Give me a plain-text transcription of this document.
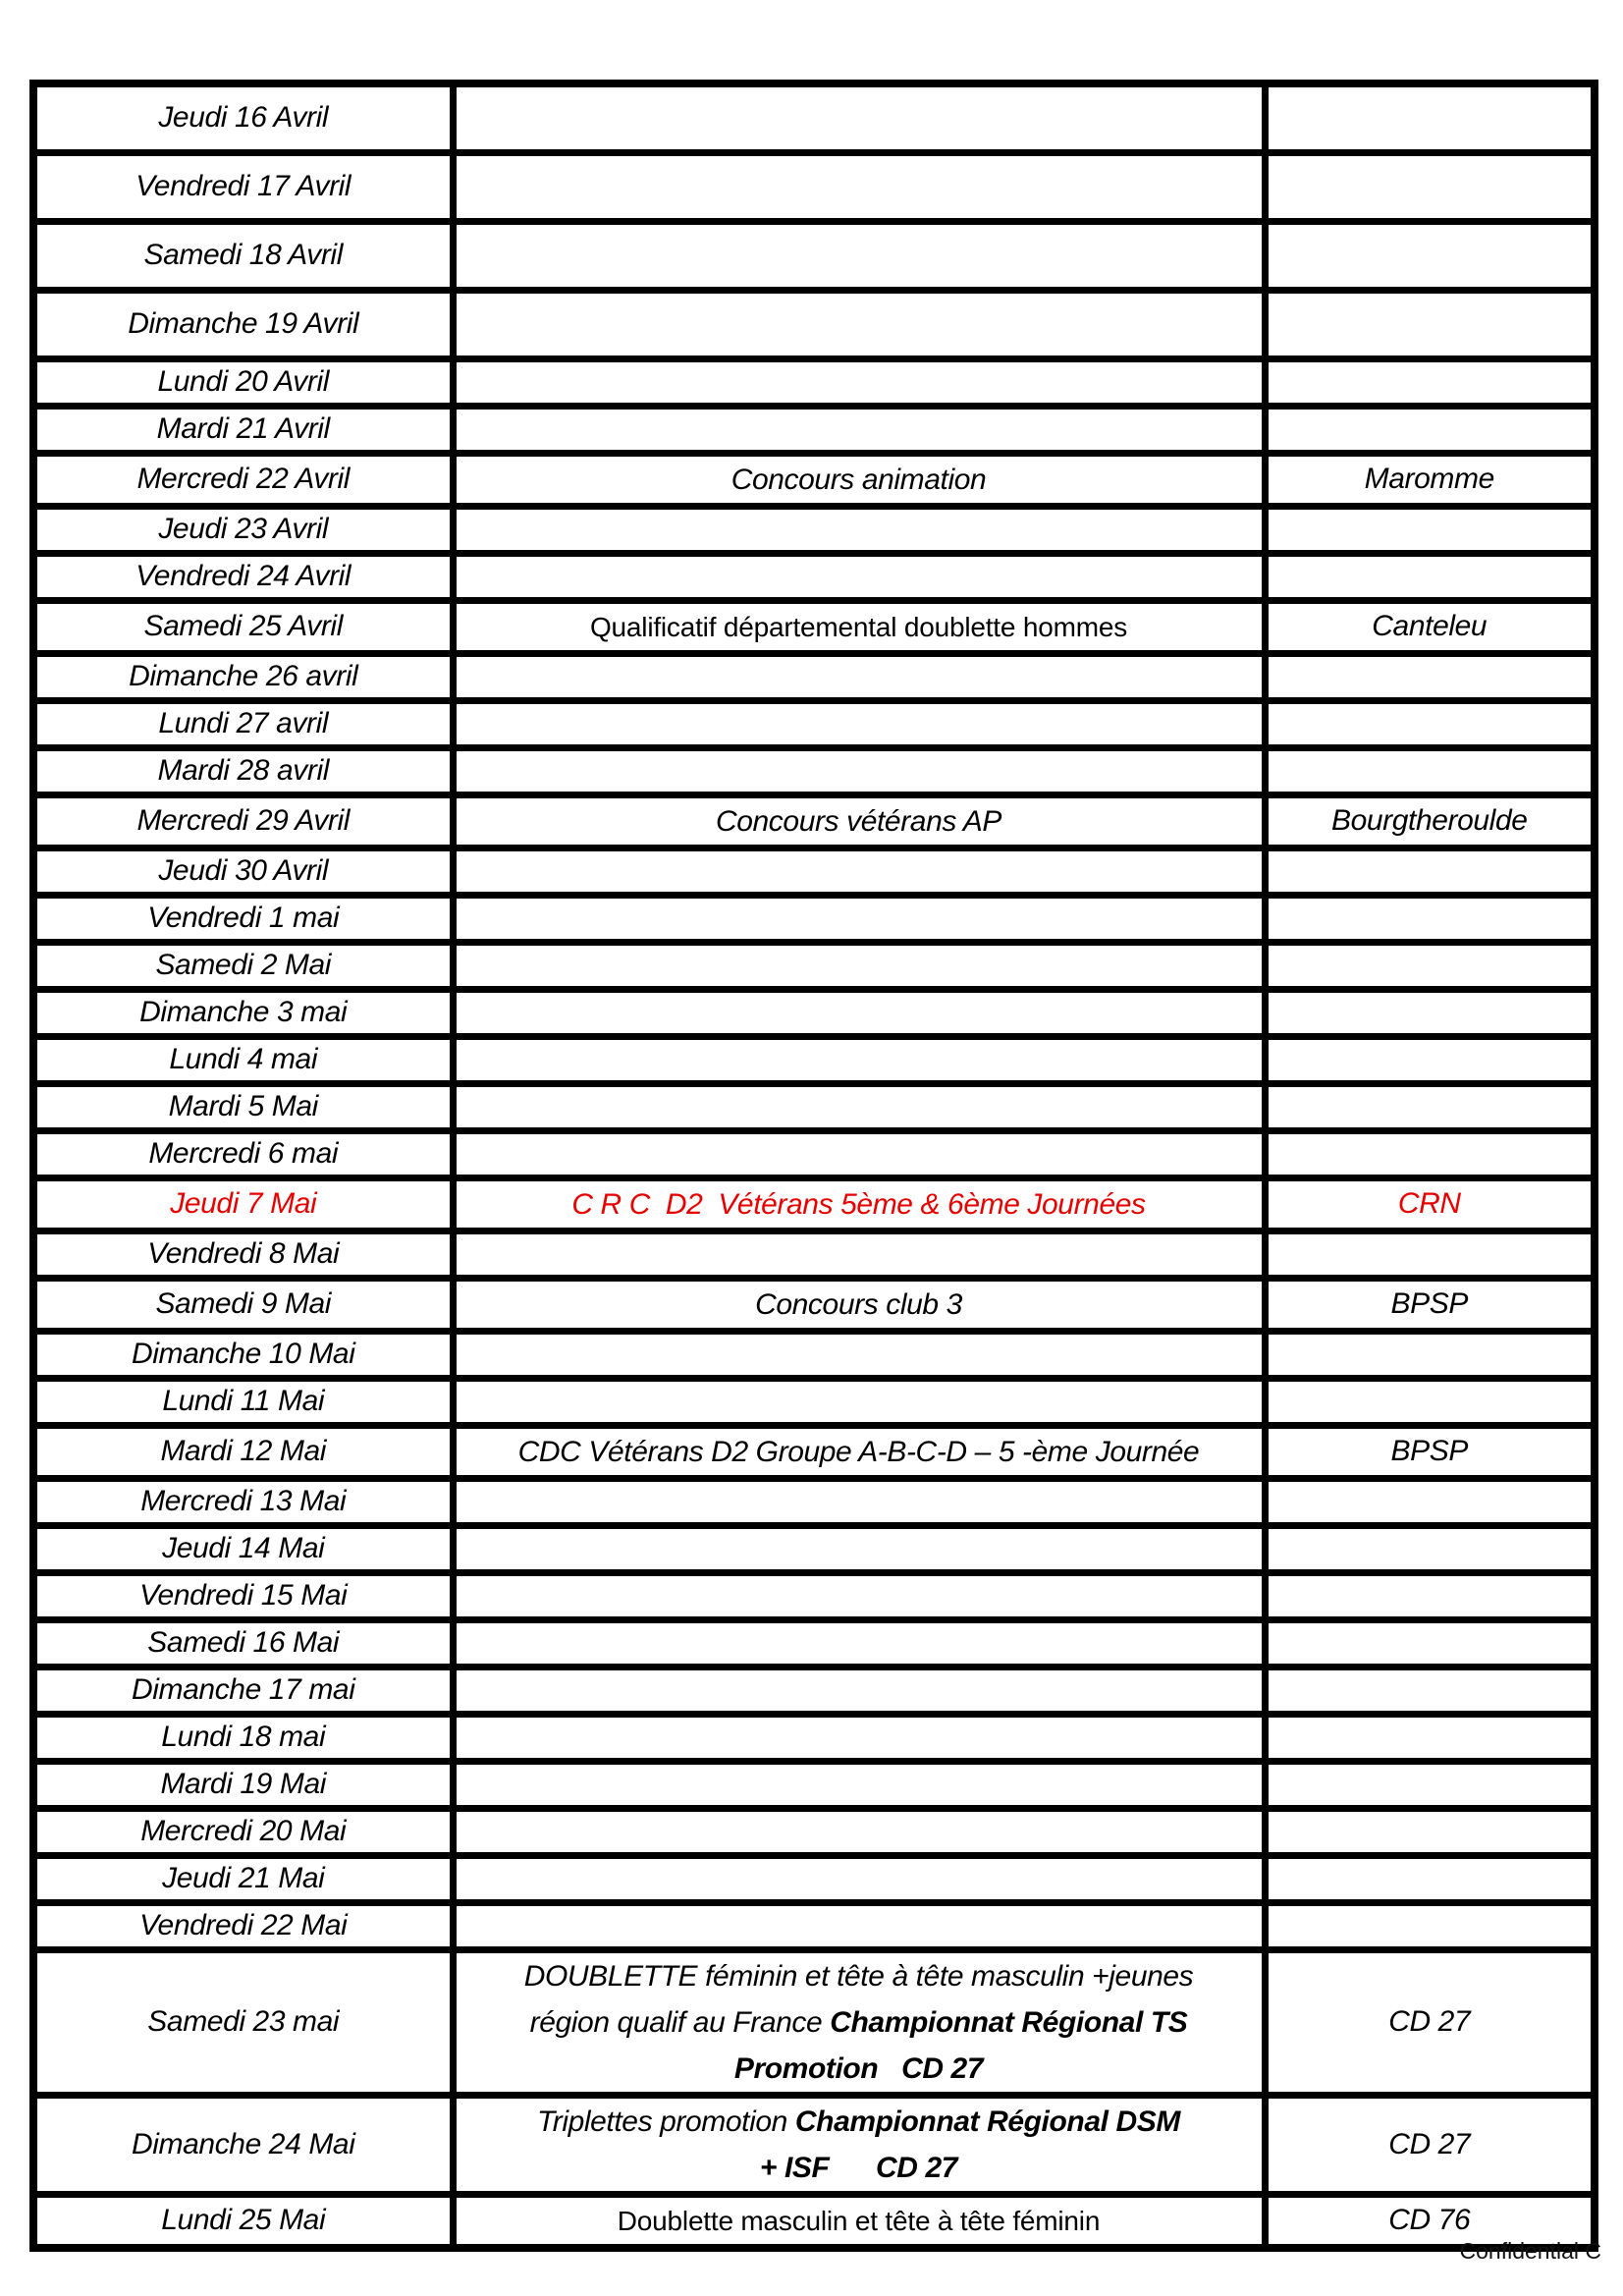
Jeudi 16 Avril		
Vendredi 17 Avril		
Samedi 18 Avril		
Dimanche 19 Avril		
Lundi 20 Avril		
Mardi 21 Avril		
Mercredi 22 Avril	Concours animation	Maromme
Jeudi 23 Avril		
Vendredi 24 Avril		
Samedi 25 Avril	Qualificatif départemental doublette hommes	Canteleu
Dimanche 26 avril		
Lundi 27 avril		
Mardi 28 avril		
Mercredi 29 Avril	Concours vétérans AP	Bourgtheroulde
Jeudi 30 Avril		
Vendredi 1 mai		
Samedi 2 Mai		
Dimanche 3 mai		
Lundi 4 mai		
Mardi 5 Mai		
Mercredi 6 mai		
Jeudi 7 Mai	C R C  D2  Vétérans 5ème & 6ème Journées	CRN
Vendredi 8 Mai		
Samedi 9 Mai	Concours club 3	BPSP
Dimanche 10 Mai		
Lundi 11 Mai		
Mardi 12 Mai	CDC Vétérans D2 Groupe A-B-C-D – 5 -ème Journée	BPSP
Mercredi 13 Mai		
Jeudi 14 Mai		
Vendredi 15 Mai		
Samedi 16 Mai		
Dimanche 17 mai		
Lundi 18 mai		
Mardi 19 Mai		
Mercredi 20 Mai		
Jeudi 21 Mai		
Vendredi 22 Mai		
Samedi 23 mai	DOUBLETTE féminin et tête à tête masculin +jeunes
région qualif au France Championnat Régional TS
Promotion   CD 27	CD 27
Dimanche 24 Mai	Triplettes promotion Championnat Régional DSM
+ ISF      CD 27	CD 27
Lundi 25 Mai	Doublette masculin et tête à tête féminin	CD 76
Confidential C
